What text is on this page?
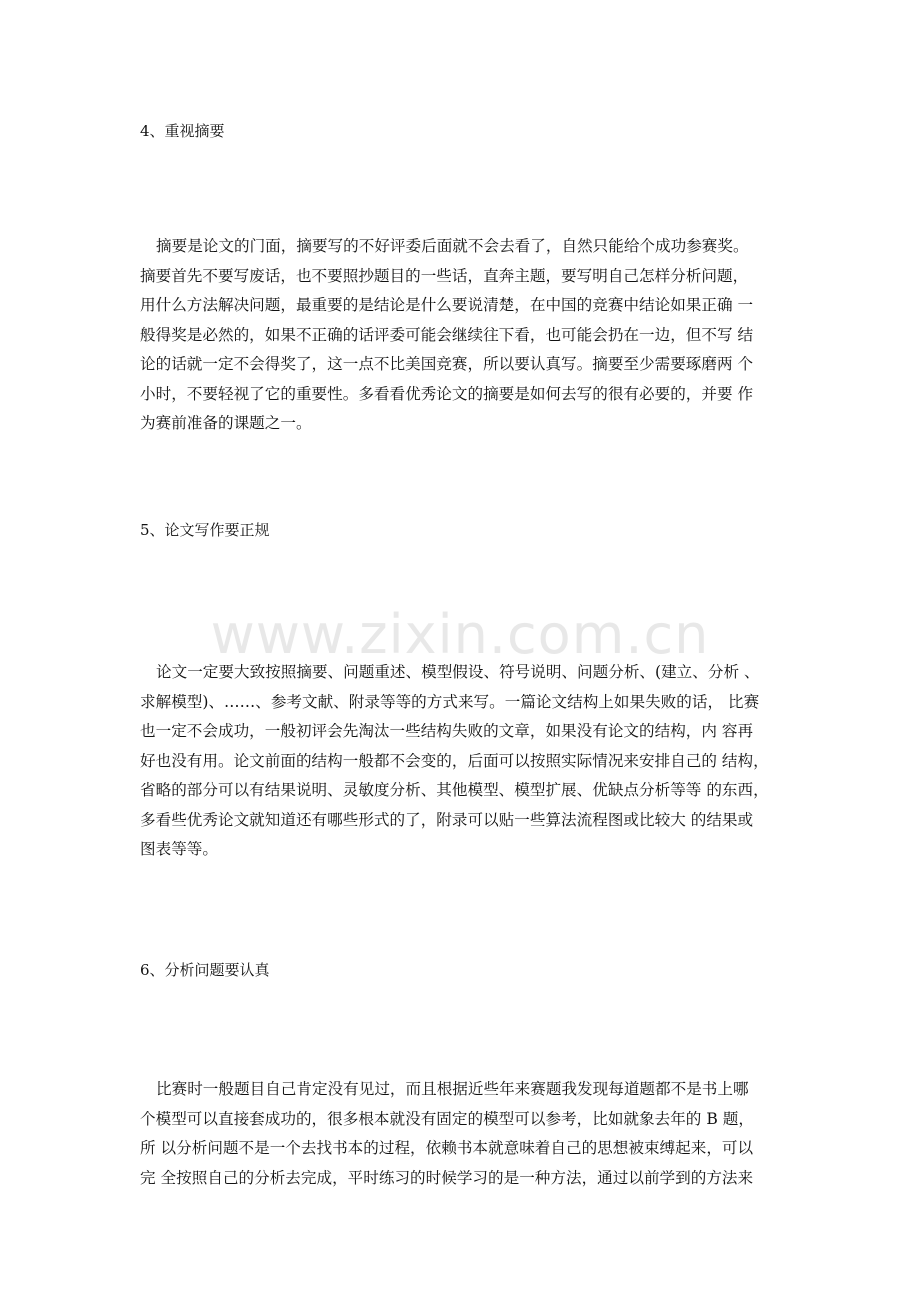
www.zixin.com.cn
4、重视摘要
摘要是论文的门面，摘要写的不好评委后面就不会去看了，自然只能给个成功参赛奖。
摘要首先不要写废话，也不要照抄题目的一些话，直奔主题，要写明自己怎样分析问题，
用什么方法解决问题，最重要的是结论是什么要说清楚，在中国的竞赛中结论如果正确 一
般得奖是必然的，如果不正确的话评委可能会继续往下看，也可能会扔在一边，但不写 结
论的话就一定不会得奖了，这一点不比美国竞赛，所以要认真写。摘要至少需要琢磨两 个
小时，不要轻视了它的重要性。多看看优秀论文的摘要是如何去写的很有必要的，并要 作
为赛前准备的课题之一。
5、论文写作要正规
论文一定要大致按照摘要、问题重述、模型假设、符号说明、问题分析、(建立、分析 、
求解模型)、……、参考文献、附录等等的方式来写。一篇论文结构上如果失败的话， 比赛
也一定不会成功，一般初评会先淘汰一些结构失败的文章，如果没有论文的结构，内 容再
好也没有用。论文前面的结构一般都不会变的，后面可以按照实际情况来安排自己的 结构，
省略的部分可以有结果说明、灵敏度分析、其他模型、模型扩展、优缺点分析等等 的东西，
多看些优秀论文就知道还有哪些形式的了，附录可以贴一些算法流程图或比较大 的结果或
图表等等。
6、分析问题要认真
比赛时一般题目自己肯定没有见过，而且根据近些年来赛题我发现每道题都不是书上哪
个模型可以直接套成功的，很多根本就没有固定的模型可以参考，比如就象去年的 B 题，
所 以分析问题不是一个去找书本的过程，依赖书本就意味着自己的思想被束缚起来，可以
完 全按照自己的分析去完成，平时练习的时候学习的是一种方法，通过以前学到的方法来
